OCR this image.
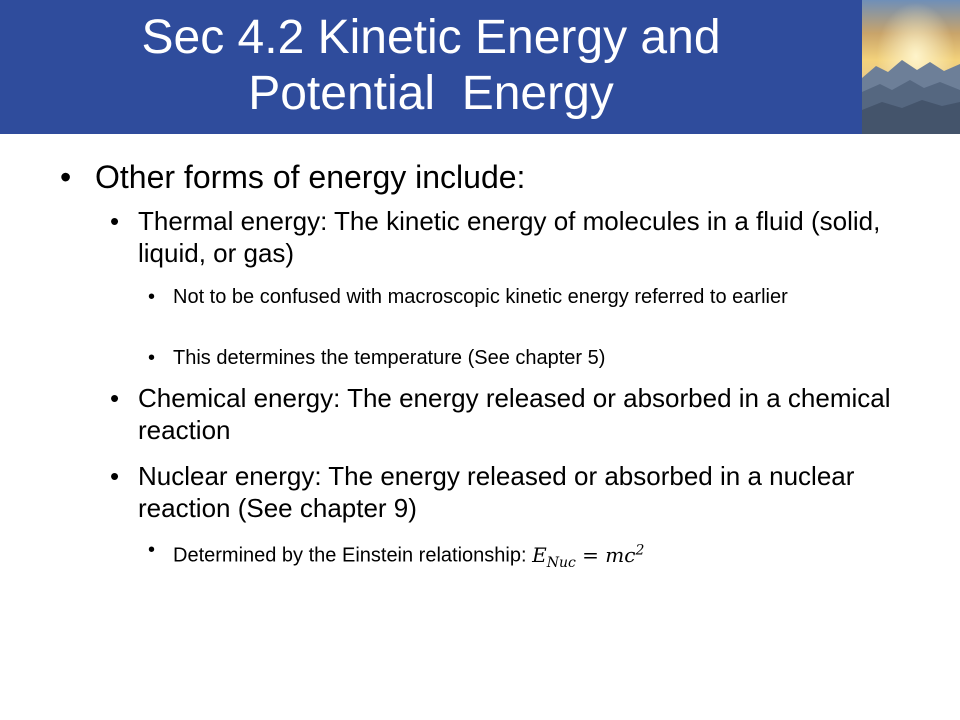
Sec 4.2 Kinetic Energy and
Potential  Energy
• Other forms of energy include:
• Thermal energy: The kinetic energy of molecules in a fluid (solid, liquid, or gas)
• Not to be confused with macroscopic kinetic energy referred to earlier
• This determines the temperature (See chapter 5)
• Chemical energy: The energy released or absorbed in a chemical reaction
• Nuclear energy: The energy released or absorbed in a nuclear reaction (See chapter 9)
• Determined by the Einstein relationship: $E_{Nuc} = mc^2$
